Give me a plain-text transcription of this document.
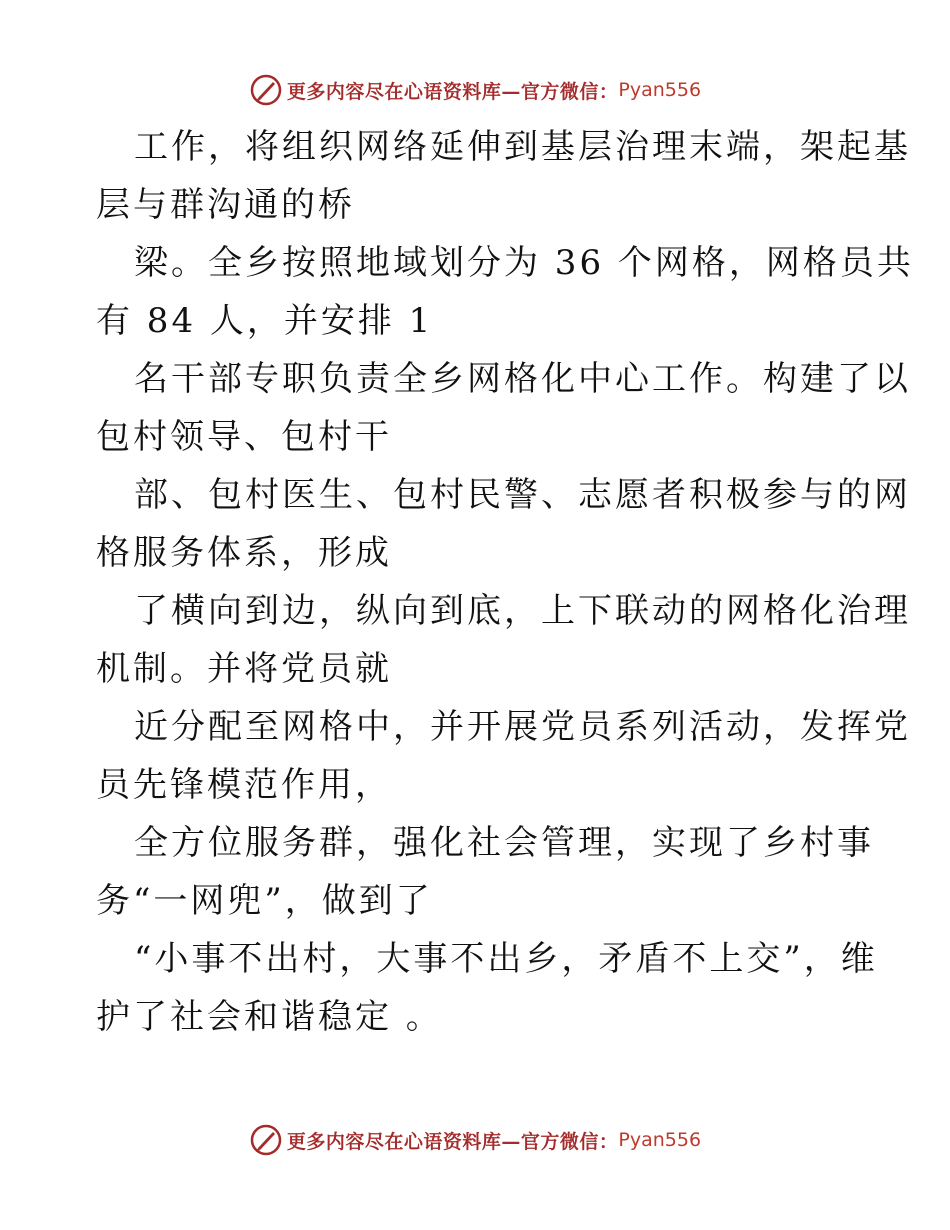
更多内容尽在心语资料库—官方微信： Pyan556

工作，将组织网络延伸到基层治理末端，架起基

层与群沟通的桥

梁。全乡按照地域划分为 36 个网格，网格员共

有 84 人，并安排 1

名干部专职负责全乡网格化中心工作。构建了以

包村领导、包村干

部、包村医生、包村民警、志愿者积极参与的网

格服务体系，形成

了横向到边，纵向到底，上下联动的网格化治理

机制。并将党员就

近分配至网格中，并开展党员系列活动，发挥党

员先锋模范作用，

全方位服务群，强化社会管理，实现了乡村事

务“一网兜”，做到了

“小事不出村，大事不出乡，矛盾不上交”，维

护了社会和谐稳定 。

更多内容尽在心语资料库—官方微信： Pyan556
